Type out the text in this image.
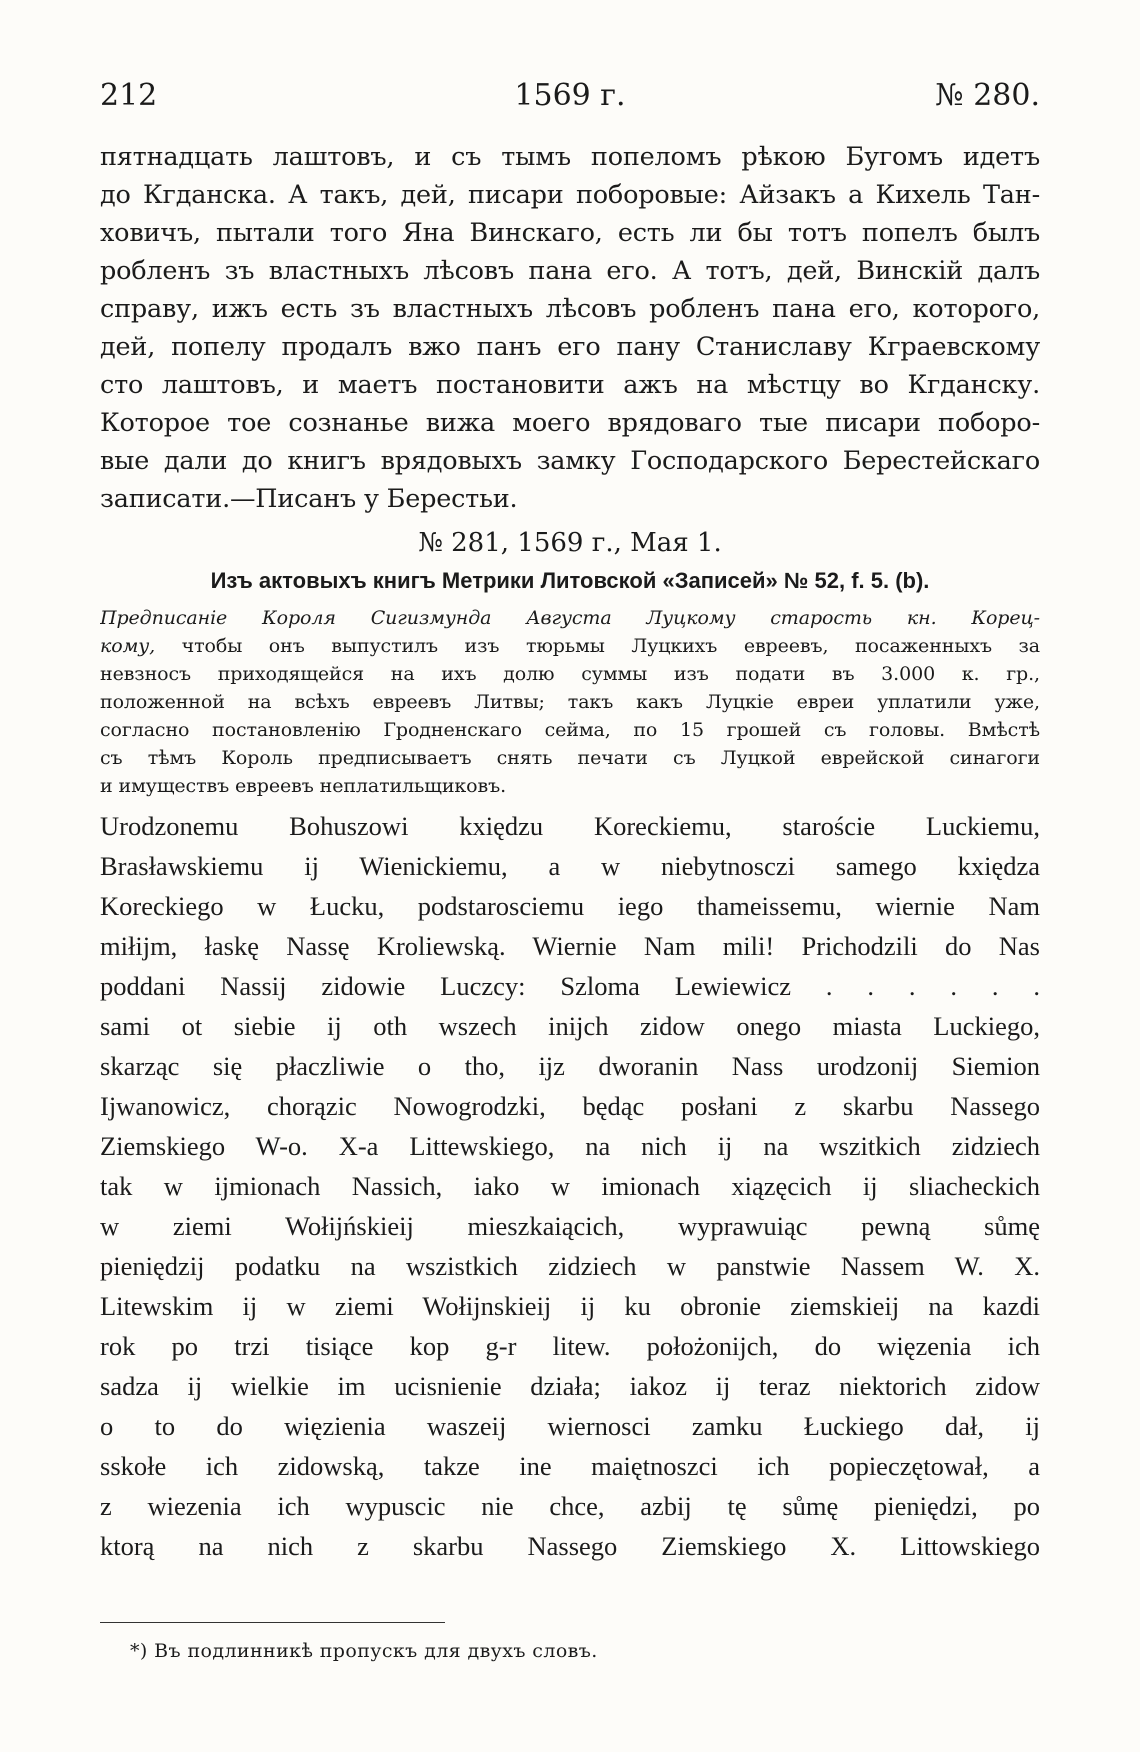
212	1569 г.	№ 280.
пятнадцать лаштовъ, и съ тымъ попеломъ рѣкою Бугомъ идетъ
до Кгданска. А такъ, дей, писари поборовые: Айзакъ а Кихель Тан-
ховичъ, пытали того Яна Винскаго, есть ли бы тотъ попелъ былъ
робленъ зъ властныхъ лѣсовъ пана его. А тотъ, дей, Винскій далъ
справу, ижъ есть зъ властныхъ лѣсовъ робленъ пана его, которого,
дей, попелу продалъ вжо панъ его пану Станиславу Кграевскому
сто лаштовъ, и маетъ постановити ажъ на мѣстцу во Кгданску.
Которое тое сознанье вижа моего врядоваго тые писари поборо-
вые дали до книгъ врядовыхъ замку Господарского Берестейскаго
записати.—Писанъ у Берестьи.
№ 281, 1569 г., Мая 1.
Изъ актовыхъ книгъ Метрики Литовской «Записей» № 52, f. 5. (b).
Предписаніе Короля Сигизмунда Августа Луцкому старость кн. Корец-
кому, чтобы онъ выпустилъ изъ тюрьмы Луцкихъ евреевъ, посаженныхъ за
невзносъ приходящейся на ихъ долю суммы изъ подати въ 3.000 к. гр.,
положенной на всѣхъ евреевъ Литвы; такъ какъ Луцкіе евреи уплатили уже,
согласно постановленію Гродненскаго сейма, по 15 грошей съ головы. Вмѣстѣ
съ тѣмъ Король предписываетъ снять печати съ Луцкой еврейской синагоги
и имуществъ евреевъ неплатильщиковъ.
Urodzonemu Bohuszowi kxiędzu Koreckiemu, staroście Luckiemu,
Brasławskiemu ij Wienickiemu, a w niebytnosczi samego kxiędza
Koreckiego w Łucku, podstarosciemu iego thameissemu, wiernie Nam
miłijm, łaskę Nassę Kroliewską. Wiernie Nam mili! Prichodzili do Nas
poddani Nassij zidowie Luczcy: Szloma Lewiewicz . . . . . .
sami ot siebie ij oth wszech inijch zidow onego miasta Luckiego,
skarząc się płaczliwie o tho, ijz dworanin Nass urodzonij Siemion
Ijwanowicz, chorązic Nowogrodzki, będąc posłani z skarbu Nassego
Ziemskiego W-o. X-a Littewskiego, na nich ij na wszitkich zidziech
tak w ijmionach Nassich, iako w imionach xiązęcich ij sliacheckich
w ziemi Wołijńskieij mieszkaiącich, wyprawuiąc pewną sůmę
pieniędzij podatku na wszistkich zidziech w panstwie Nassem W. X.
Litewskim ij w ziemi Wołijnskieij ij ku obronie ziemskieij na kazdi
rok po trzi tisiące kop g-r litew. położonijch, do więzenia ich
sadza ij wielkie im ucisnienie działa; iakoz ij teraz niektorich zidow
o to do więzienia waszeij wiernosci zamku Łuckiego dał, ij
sskołe ich zidowską, takze ine maiętnoszci ich popieczętował, a
z wiezenia ich wypuscic nie chce, azbij tę sůmę pieniędzi, po
ktorą na nich z skarbu Nassego Ziemskiego X. Littowskiego
*) Въ подлинникѣ пропускъ для двухъ словъ.
